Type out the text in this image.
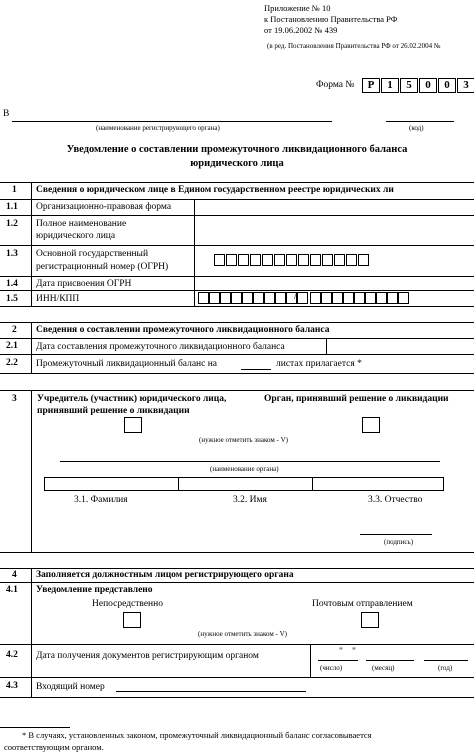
Приложение № 10
к Постановлению Правительства РФ
от 19.06.2002 № 439
(в ред. Постановления Правительства РФ от 26.02.2004 №
Форма №	Р	1	5	0	0	3
В
(наименование регистрирующего органа)	(код)
Уведомление о составлении промежуточного ликвидационного баланса
юридического лица
1 Сведения о юридическом лице в Едином государственном реестре юридических ли
1.1 Организационно-правовая форма
1.2 Полное наименование
юридического лица
1.3 Основной государственный
регистрационный номер (ОГРН)
1.4 Дата присвоения ОГРН
1.5 ИНН/КПП	/
2 Сведения о составлении промежуточного ликвидационного баланса
2.1 Дата составления промежуточного ликвидационного баланса
2.2 Промежуточный ликвидационный баланс на	листах прилагается *
3 Учредитель (участник) юридического лица,
принявший решение о ликвидации
Орган, принявший решение о ликвидации
(нужное отметить знаком - V)
(наименование органа)
3.1. Фамилия	3.2. Имя	3.3. Отчество
(подпись)
4 Заполняется должностным лицом регистрирующего органа
4.1 Уведомление представлено
Непосредственно	Почтовым отправлением
(нужное отметить знаком - V)
4.2 Дата получения документов регистрирующим органом	" "
(число)	(месяц)	(год)
4.3 Входящий номер
* В случаях, установленных законом, промежуточный ликвидационный баланс согласовывается
соответствующим органом.
